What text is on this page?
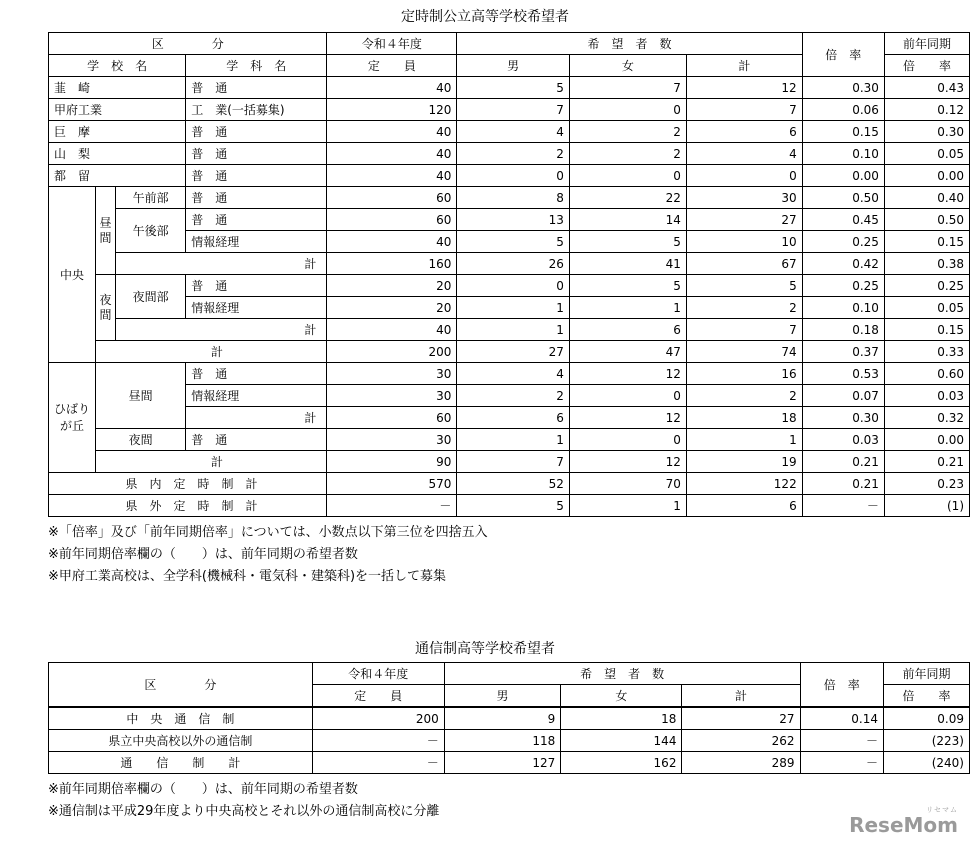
定時制公立高等学校希望者
区　　　　分				令和４年度	希　望　者　数			倍　率	前年同期
学　校　名			学　科　名	定　　員	男	女	計		倍　　率
韮　崎			普　通	40	5	7	12	0.30	0.43
甲府工業			工　業(一括募集)	120	7	0	7	0.06	0.12
巨　摩			普　通	40	4	2	6	0.15	0.30
山　梨			普　通	40	2	2	4	0.10	0.05
都　留			普　通	40	0	0	0	0.00	0.00
中央	昼間	午前部	普　通	60	8	22	30	0.50	0.40
		午後部	普　通	60	13	14	27	0.45	0.50
			情報経理	40	5	5	10	0.25	0.15
		計		160	26	41	67	0.42	0.38
	夜間	夜間部	普　通	20	0	5	5	0.25	0.25
			情報経理	20	1	1	2	0.10	0.05
		計		40	1	6	7	0.18	0.15
	計			200	27	47	74	0.37	0.33
ひばり
が丘	昼間		普　通	30	4	12	16	0.53	0.60
			情報経理	30	2	0	2	0.07	0.03
			計	60	6	12	18	0.30	0.32
	夜間		普　通	30	1	0	1	0.03	0.00
	計			90	7	12	19	0.21	0.21
	県　内　定　時　制　計			570	52	70	122	0.21	0.23
	県　外　定　時　制　計			－	5	1	6	－	(1)
※「倍率」及び「前年同期倍率」については、小数点以下第三位を四捨五入
※前年同期倍率欄の（　　）は、前年同期の希望者数
※甲府工業高校は、全学科(機械科・電気科・建築科)を一括して募集
通信制高等学校希望者
区　　　　分	令和４年度	希　望　者　数			倍　率	前年同期
	定　　員	男	女	計		倍　　率
中　央　通　信　制	200	9	18	27	0.14	0.09
県立中央高校以外の通信制	－	118	144	262	－	(223)
通　　信　　制　　計	－	127	162	289	－	(240)
※前年同期倍率欄の（　　）は、前年同期の希望者数
※通信制は平成29年度より中央高校とそれ以外の通信制高校に分離	リセマム
ReseMom
